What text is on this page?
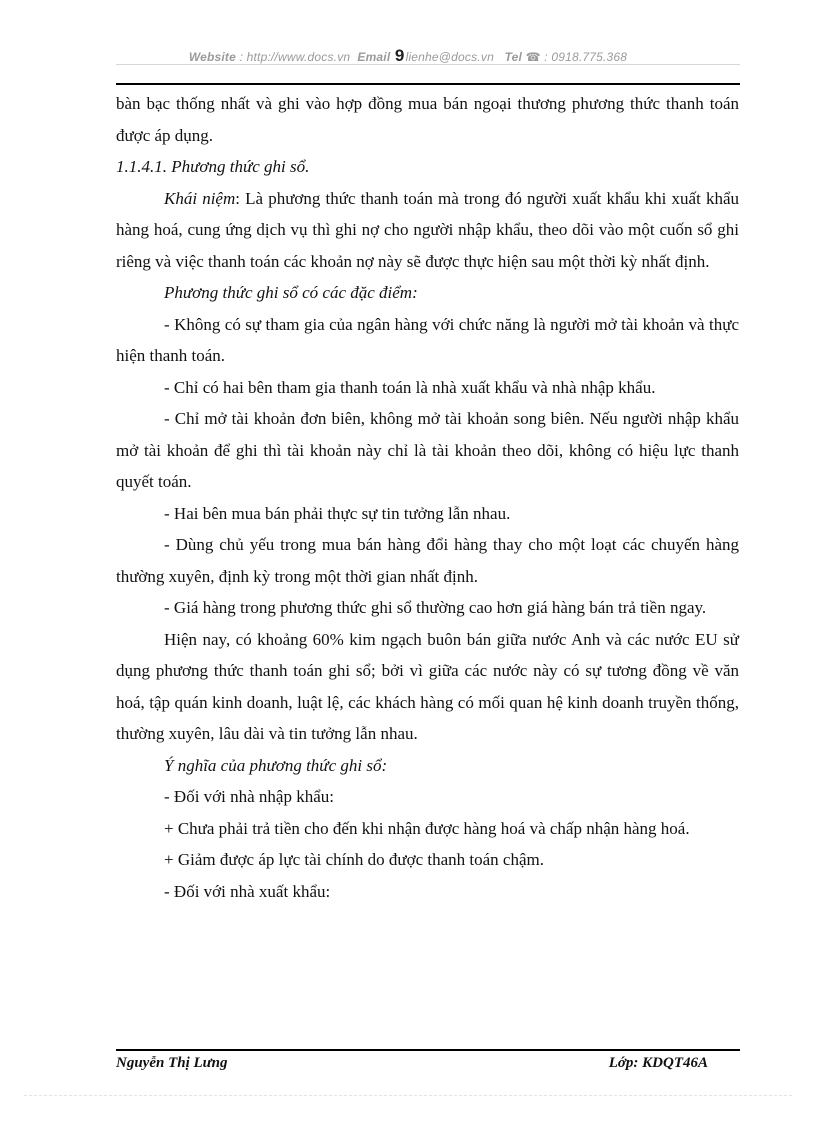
Website : http://www.docs.vn Email 9lienhe@docs.vn Tel ☎ : 0918.775.368

bàn bạc thống nhất và ghi vào hợp đồng mua bán ngoại thương phương thức thanh toán được áp dụng.

1.1.4.1. Phương thức ghi sổ.

Khái niệm: Là phương thức thanh toán mà trong đó người xuất khẩu khi xuất khẩu hàng hoá, cung ứng dịch vụ thì ghi nợ cho người nhập khẩu, theo dõi vào một cuốn sổ ghi riêng và việc thanh toán các khoản nợ này sẽ được thực hiện sau một thời kỳ nhất định.

Phương thức ghi sổ có các đặc điểm:

- Không có sự tham gia của ngân hàng với chức năng là người mở tài khoản và thực hiện thanh toán.

- Chỉ có hai bên tham gia thanh toán là nhà xuất khẩu và nhà nhập khẩu.

- Chỉ mở tài khoản đơn biên, không mở tài khoản song biên. Nếu người nhập khẩu mở tài khoản để ghi thì tài khoản này chỉ là tài khoản theo dõi, không có hiệu lực thanh quyết toán.

- Hai bên mua bán phải thực sự tin tưởng lẫn nhau.

- Dùng chủ yếu trong mua bán hàng đổi hàng thay cho một loạt các chuyến hàng thường xuyên, định kỳ trong một thời gian nhất định.

- Giá hàng trong phương thức ghi sổ thường cao hơn giá hàng bán trả tiền ngay.

Hiện nay, có khoảng 60% kim ngạch buôn bán giữa nước Anh và các nước EU sử dụng phương thức thanh toán ghi sổ; bởi vì giữa các nước này có sự tương đồng về văn hoá, tập quán kinh doanh, luật lệ, các khách hàng có mối quan hệ kinh doanh truyền thống, thường xuyên, lâu dài và tin tưởng lẫn nhau.

Ý nghĩa của phương thức ghi sổ:

- Đối với nhà nhập khẩu:

+ Chưa phải trả tiền cho đến khi nhận được hàng hoá và chấp nhận hàng hoá.

+ Giảm được áp lực tài chính do được thanh toán chậm.

- Đối với nhà xuất khẩu:

Nguyễn Thị Lưng	Lớp: KDQT46A
